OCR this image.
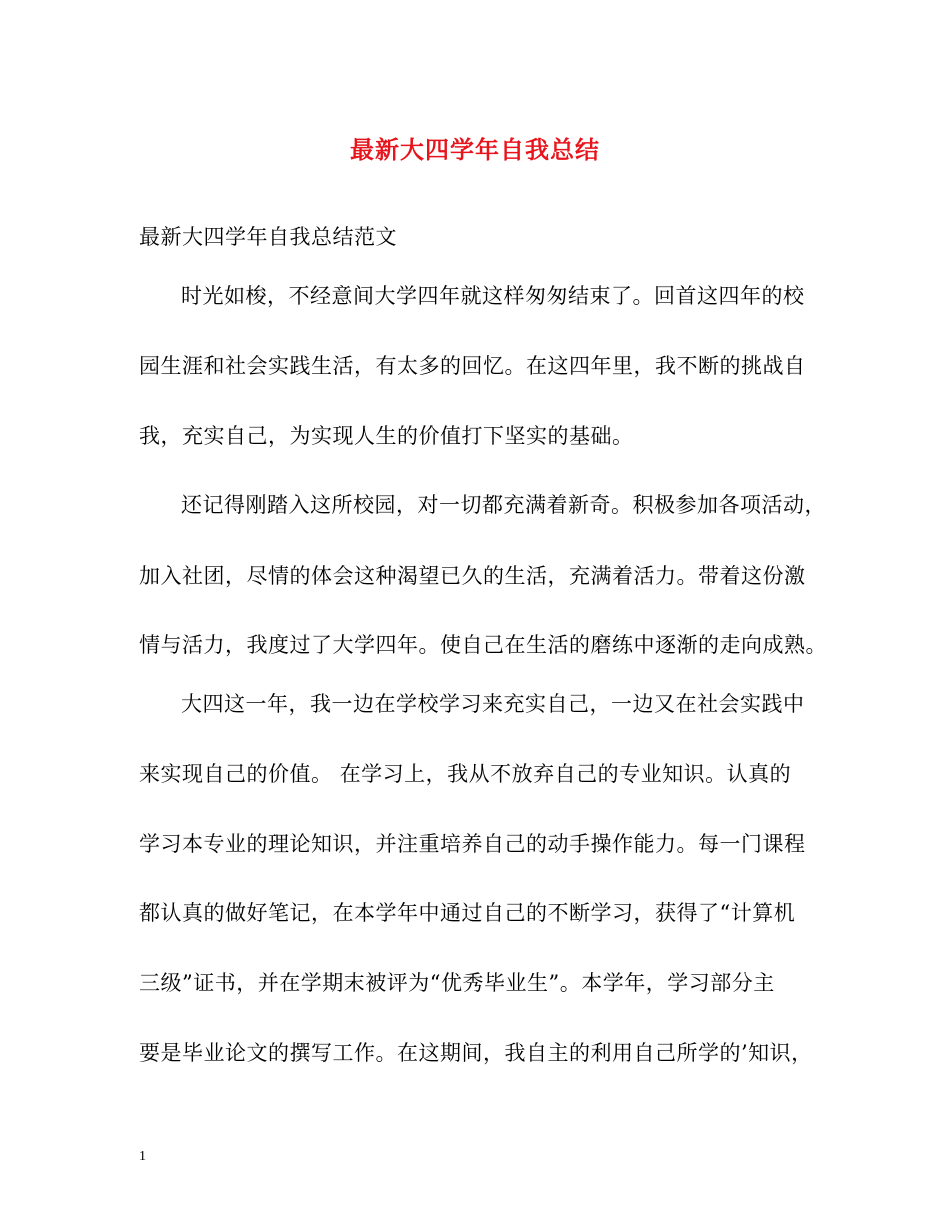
最新大四学年自我总结
最新大四学年自我总结范文
时光如梭，不经意间大学四年就这样匆匆结束了。回首这四年的校
园生涯和社会实践生活，有太多的回忆。在这四年里，我不断的挑战自
我，充实自己，为实现人生的价值打下坚实的基础。
还记得刚踏入这所校园，对一切都充满着新奇。积极参加各项活动，
加入社团，尽情的体会这种渴望已久的生活，充满着活力。带着这份激
情与活力，我度过了大学四年。使自己在生活的磨练中逐渐的走向成熟。
大四这一年，我一边在学校学习来充实自己，一边又在社会实践中
来实现自己的价值。 在学习上，我从不放弃自己的专业知识。认真的
学习本专业的理论知识，并注重培养自己的动手操作能力。每一门课程
都认真的做好笔记，在本学年中通过自己的不断学习，获得了“计算机
三级”证书，并在学期末被评为“优秀毕业生”。本学年，学习部分主
要是毕业论文的撰写工作。在这期间，我自主的利用自己所学的’知识，
1
